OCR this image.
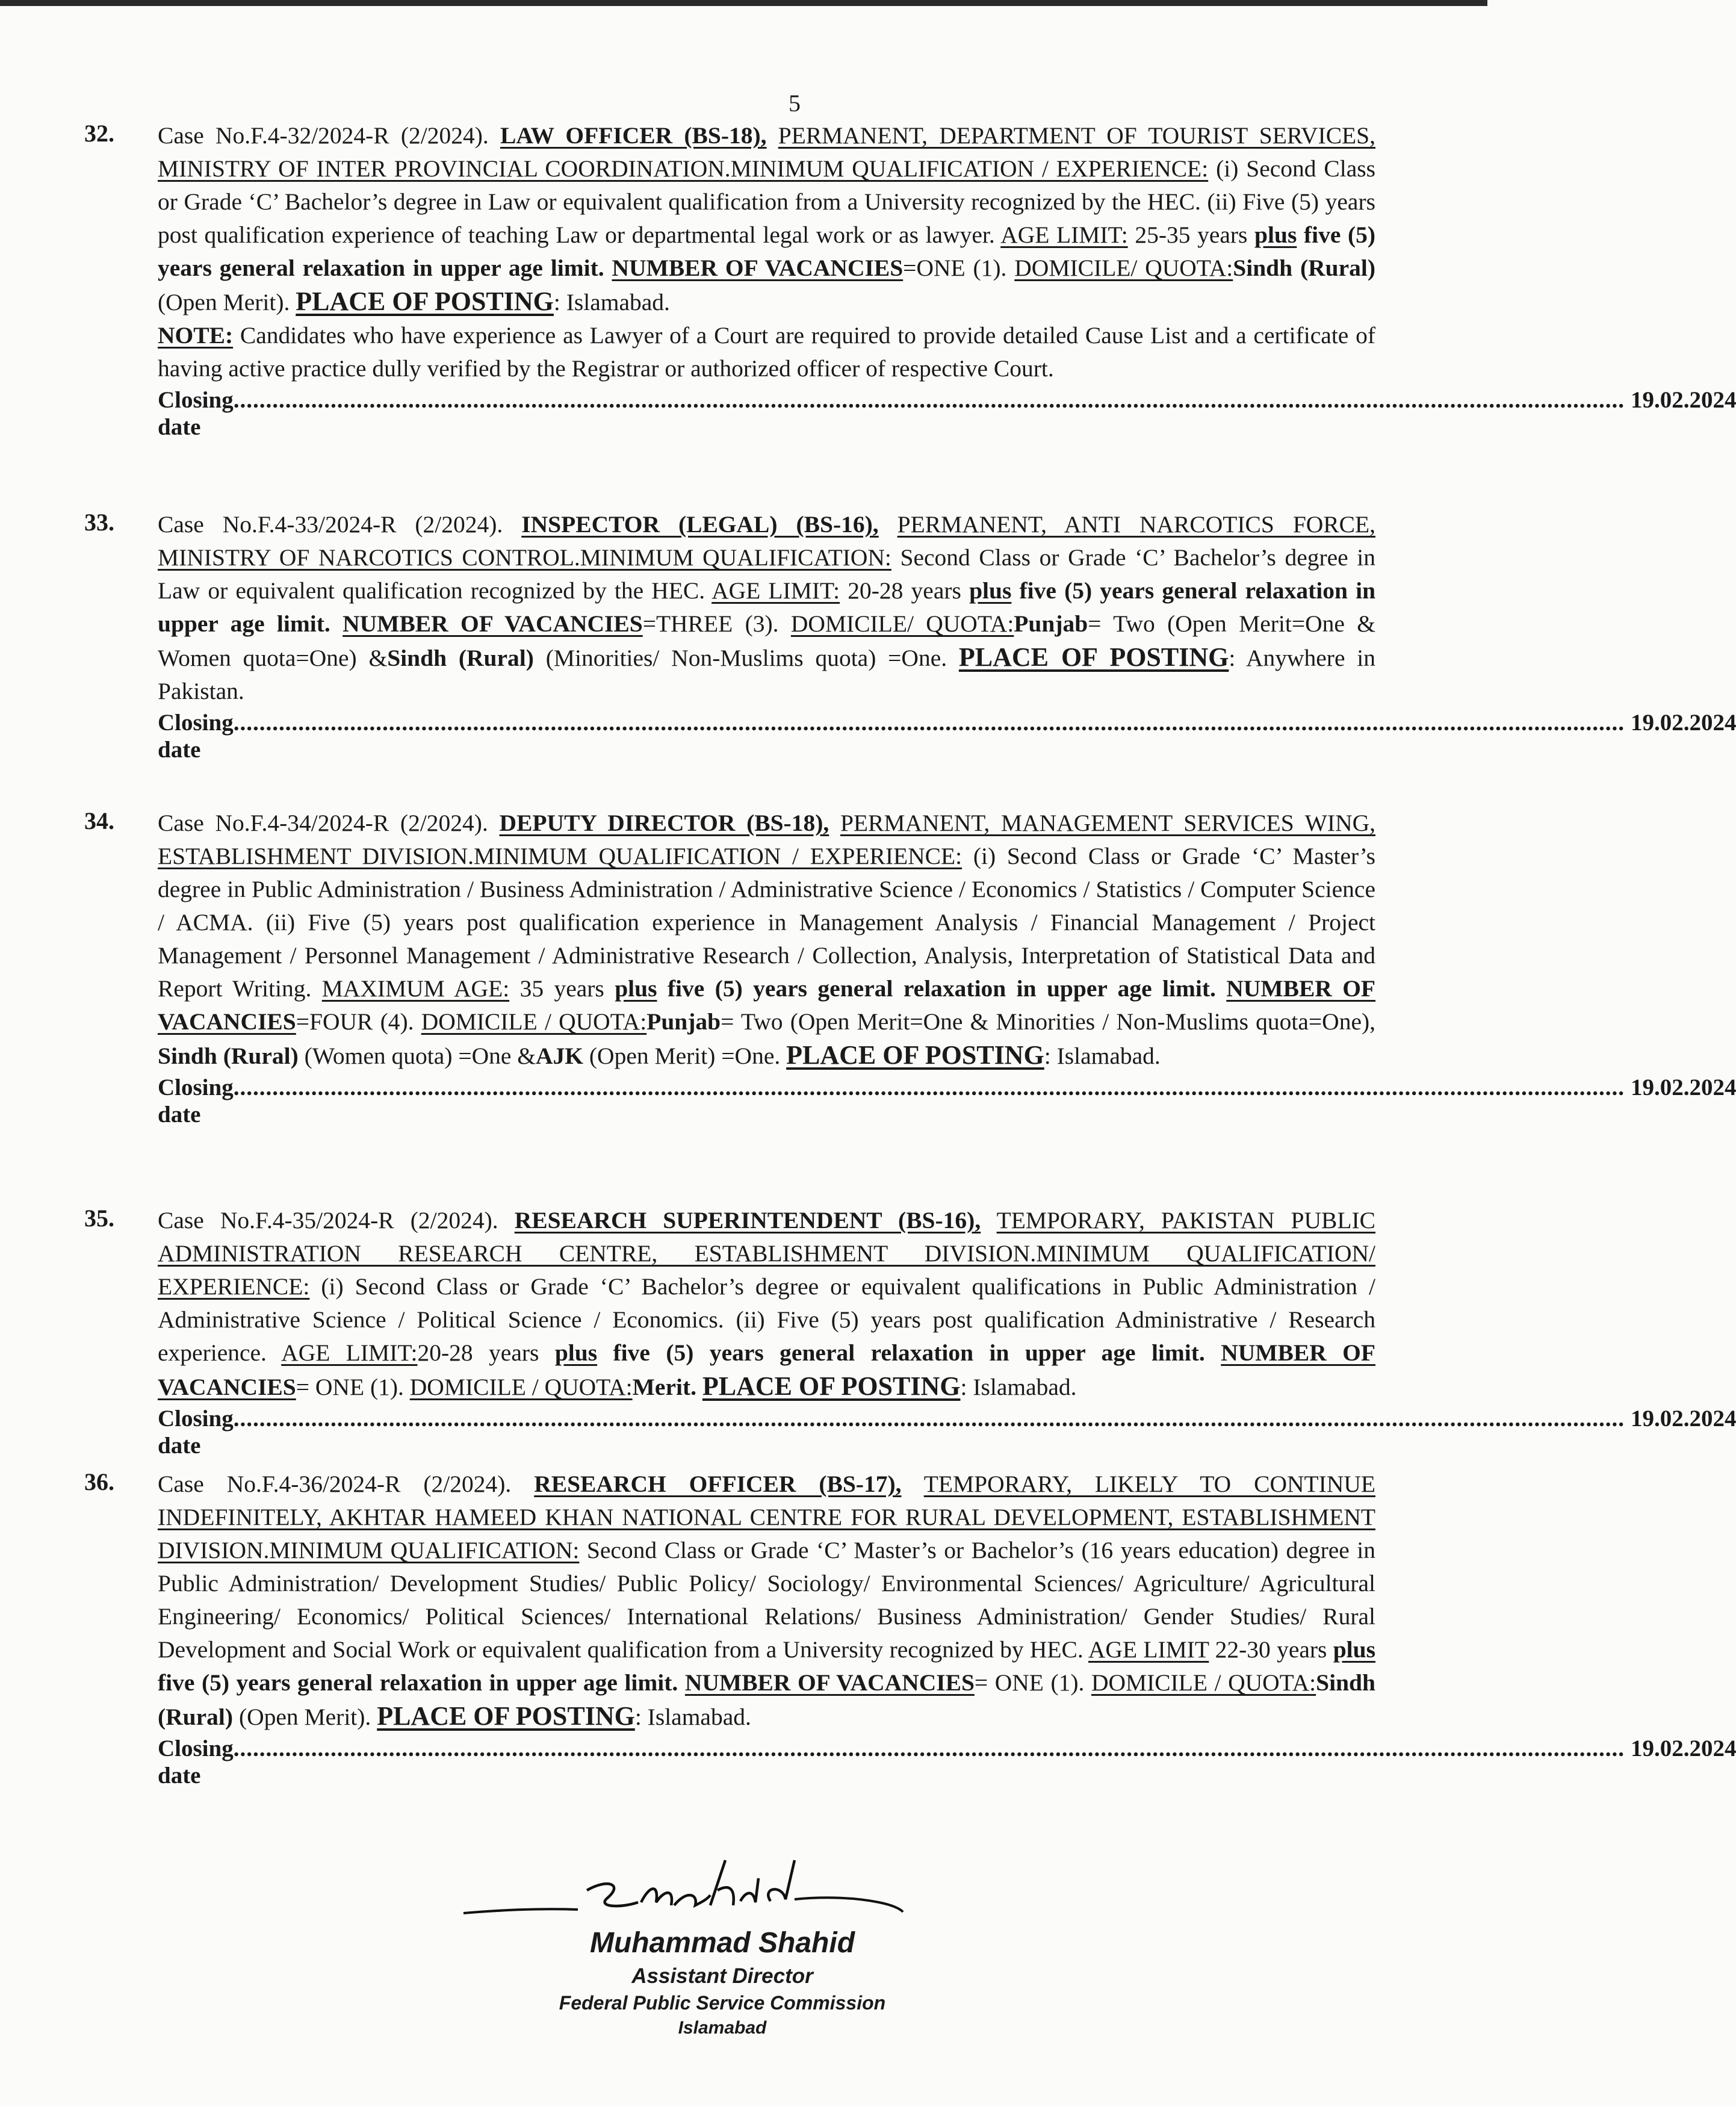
5
32. Case No.F.4-32/2024-R (2/2024). LAW OFFICER (BS-18), PERMANENT, DEPARTMENT OF TOURIST SERVICES, MINISTRY OF INTER PROVINCIAL COORDINATION.MINIMUM QUALIFICATION / EXPERIENCE: (i) Second Class or Grade ‘C’ Bachelor’s degree in Law or equivalent qualification from a University recognized by the HEC. (ii) Five (5) years post qualification experience of teaching Law or departmental legal work or as lawyer. AGE LIMIT: 25-35 years plus five (5) years general relaxation in upper age limit. NUMBER OF VACANCIES=ONE (1). DOMICILE/ QUOTA:Sindh (Rural) (Open Merit). PLACE OF POSTING: Islamabad.
NOTE: Candidates who have experience as Lawyer of a Court are required to provide detailed Cause List and a certificate of having active practice dully verified by the Registrar or authorized officer of respective Court.
Closing date
....................................................................................................................................................................................................................... 19.02.2024
33. Case No.F.4-33/2024-R (2/2024). INSPECTOR (LEGAL) (BS-16), PERMANENT, ANTI NARCOTICS FORCE, MINISTRY OF NARCOTICS CONTROL.MINIMUM QUALIFICATION: Second Class or Grade ‘C’ Bachelor’s degree in Law or equivalent qualification recognized by the HEC. AGE LIMIT: 20-28 years plus five (5) years general relaxation in upper age limit. NUMBER OF VACANCIES=THREE (3). DOMICILE/ QUOTA:Punjab= Two (Open Merit=One & Women quota=One) &Sindh (Rural) (Minorities/ Non-Muslims quota) =One. PLACE OF POSTING: Anywhere in Pakistan.
Closing date
....................................................................................................................................................................................................................... 19.02.2024
34. Case No.F.4-34/2024-R (2/2024). DEPUTY DIRECTOR (BS-18), PERMANENT, MANAGEMENT SERVICES WING, ESTABLISHMENT DIVISION.MINIMUM QUALIFICATION / EXPERIENCE: (i) Second Class or Grade ‘C’ Master’s degree in Public Administration / Business Administration / Administrative Science / Economics / Statistics / Computer Science / ACMA. (ii) Five (5) years post qualification experience in Management Analysis / Financial Management / Project Management / Personnel Management / Administrative Research / Collection, Analysis, Interpretation of Statistical Data and Report Writing. MAXIMUM AGE: 35 years plus five (5) years general relaxation in upper age limit. NUMBER OF VACANCIES=FOUR (4). DOMICILE / QUOTA:Punjab= Two (Open Merit=One & Minorities / Non-Muslims quota=One), Sindh (Rural) (Women quota) =One &AJK (Open Merit) =One. PLACE OF POSTING: Islamabad.
Closing date
....................................................................................................................................................................................................................... 19.02.2024
35. Case No.F.4-35/2024-R (2/2024). RESEARCH SUPERINTENDENT (BS-16), TEMPORARY, PAKISTAN PUBLIC ADMINISTRATION RESEARCH CENTRE, ESTABLISHMENT DIVISION.MINIMUM QUALIFICATION/ EXPERIENCE: (i) Second Class or Grade ‘C’ Bachelor’s degree or equivalent qualifications in Public Administration / Administrative Science / Political Science / Economics. (ii) Five (5) years post qualification Administrative / Research experience. AGE LIMIT:20-28 years plus five (5) years general relaxation in upper age limit. NUMBER OF VACANCIES= ONE (1). DOMICILE / QUOTA:Merit. PLACE OF POSTING: Islamabad.
Closing date
....................................................................................................................................................................................................................... 19.02.2024
36. Case No.F.4-36/2024-R (2/2024). RESEARCH OFFICER (BS-17), TEMPORARY, LIKELY TO CONTINUE INDEFINITELY, AKHTAR HAMEED KHAN NATIONAL CENTRE FOR RURAL DEVELOPMENT, ESTABLISHMENT DIVISION.MINIMUM QUALIFICATION: Second Class or Grade ‘C’ Master’s or Bachelor’s (16 years education) degree in Public Administration/ Development Studies/ Public Policy/ Sociology/ Environmental Sciences/ Agriculture/ Agricultural Engineering/ Economics/ Political Sciences/ International Relations/ Business Administration/ Gender Studies/ Rural Development and Social Work or equivalent qualification from a University recognized by HEC. AGE LIMIT 22-30 years plus five (5) years general relaxation in upper age limit. NUMBER OF VACANCIES= ONE (1). DOMICILE / QUOTA:Sindh (Rural) (Open Merit). PLACE OF POSTING: Islamabad.
Closing date
....................................................................................................................................................................................................................... 19.02.2024
Muhammad Shahid
Assistant Director
Federal Public Service Commission
Islamabad
